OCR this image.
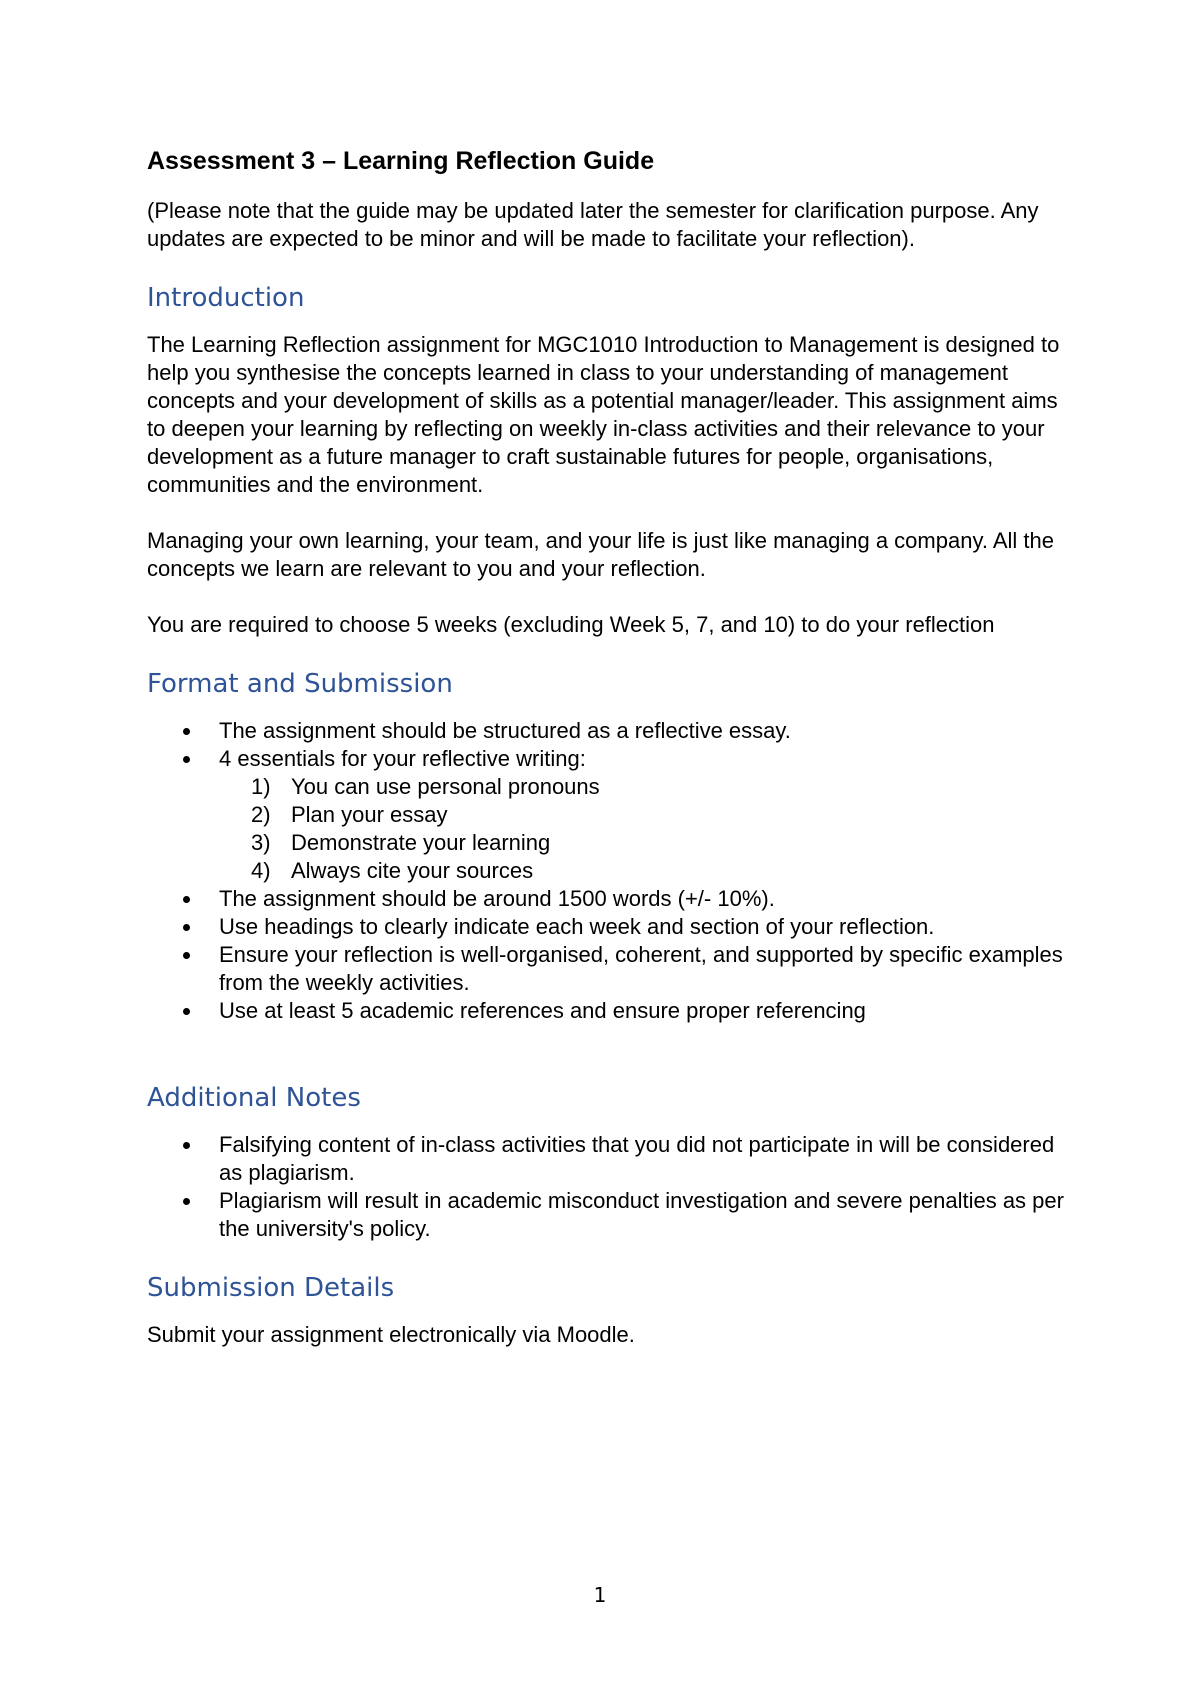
Assessment 3 – Learning Reflection Guide

(Please note that the guide may be updated later the semester for clarification purpose. Any updates are expected to be minor and will be made to facilitate your reflection).

Introduction

The Learning Reflection assignment for MGC1010 Introduction to Management is designed to help you synthesise the concepts learned in class to your understanding of management concepts and your development of skills as a potential manager/leader. This assignment aims to deepen your learning by reflecting on weekly in-class activities and their relevance to your development as a future manager to craft sustainable futures for people, organisations, communities and the environment.

Managing your own learning, your team, and your life is just like managing a company. All the concepts we learn are relevant to you and your reflection.

You are required to choose 5 weeks (excluding Week 5, 7, and 10) to do your reflection

Format and Submission
The assignment should be structured as a reflective essay.
4 essentials for your reflective writing:
1) You can use personal pronouns
2) Plan your essay
3) Demonstrate your learning
4) Always cite your sources
The assignment should be around 1500 words (+/- 10%).
Use headings to clearly indicate each week and section of your reflection.
Ensure your reflection is well-organised, coherent, and supported by specific examples from the weekly activities.
Use at least 5 academic references and ensure proper referencing
Additional Notes
Falsifying content of in-class activities that you did not participate in will be considered as plagiarism.
Plagiarism will result in academic misconduct investigation and severe penalties as per the university's policy.
Submission Details

Submit your assignment electronically via Moodle.

1
